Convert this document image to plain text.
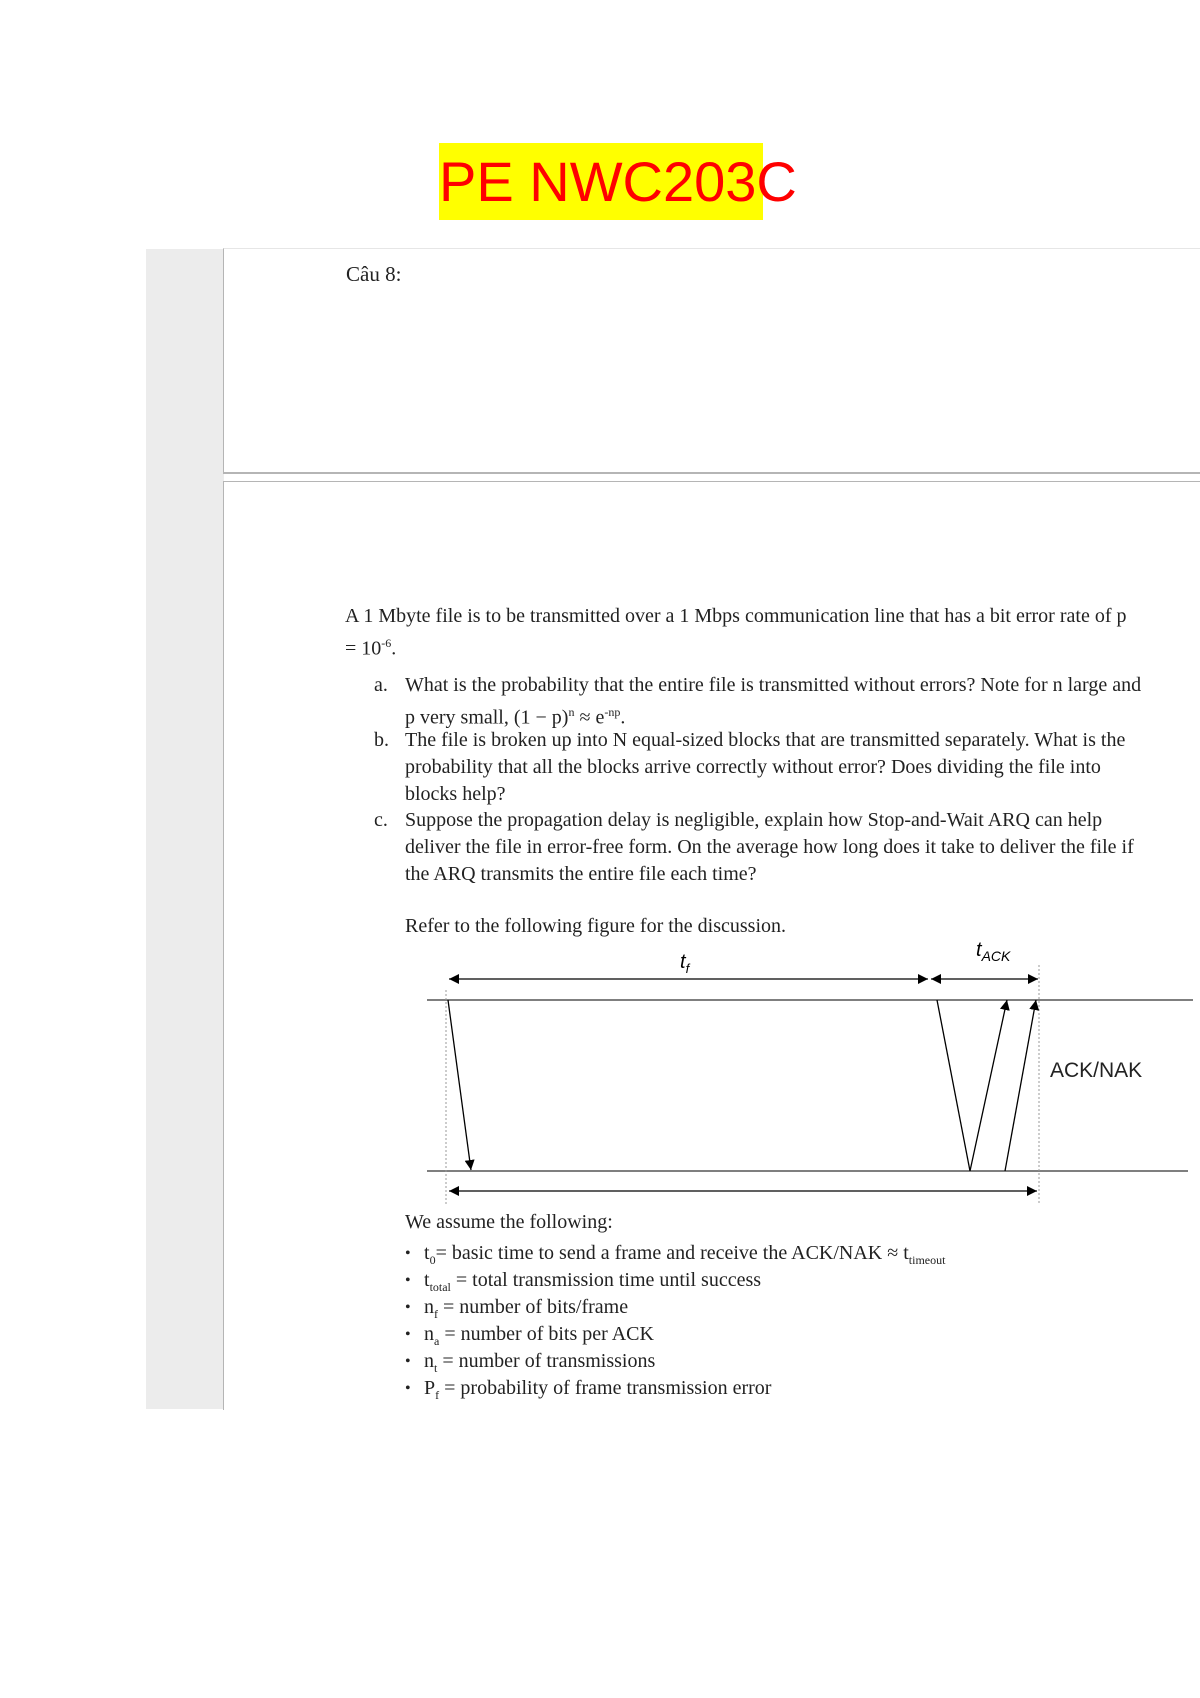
PE NWC203C
Câu 8:
A 1 Mbyte file is to be transmitted over a 1 Mbps communication line that has a bit error rate of $p = 10^{-6}$.
a. What is the probability that the entire file is transmitted without errors? Note for n large and p very small, $(1 - p)^n \approx e^{-np}$.
b. The file is broken up into N equal-sized blocks that are transmitted separately. What is the probability that all the blocks arrive correctly without error? Does dividing the file into blocks help?
c. Suppose the propagation delay is negligible, explain how Stop-and-Wait ARQ can help deliver the file in error-free form. On the average how long does it take to deliver the file if the ARQ transmits the entire file each time?
Refer to the following figure for the discussion.
$t_f$
$t_{ACK}$
ACK/NAK
We assume the following:
• $t_0=$ basic time to send a frame and receive the $ACK/NAK \approx t_{timeout}$
• $t_{total}$ = total transmission time until success
• $n_f$ = number of bits/frame
• $n_a$ = number of bits per ACK
• $n_t$ = number of transmissions
• $P_f$ = probability of frame transmission error
